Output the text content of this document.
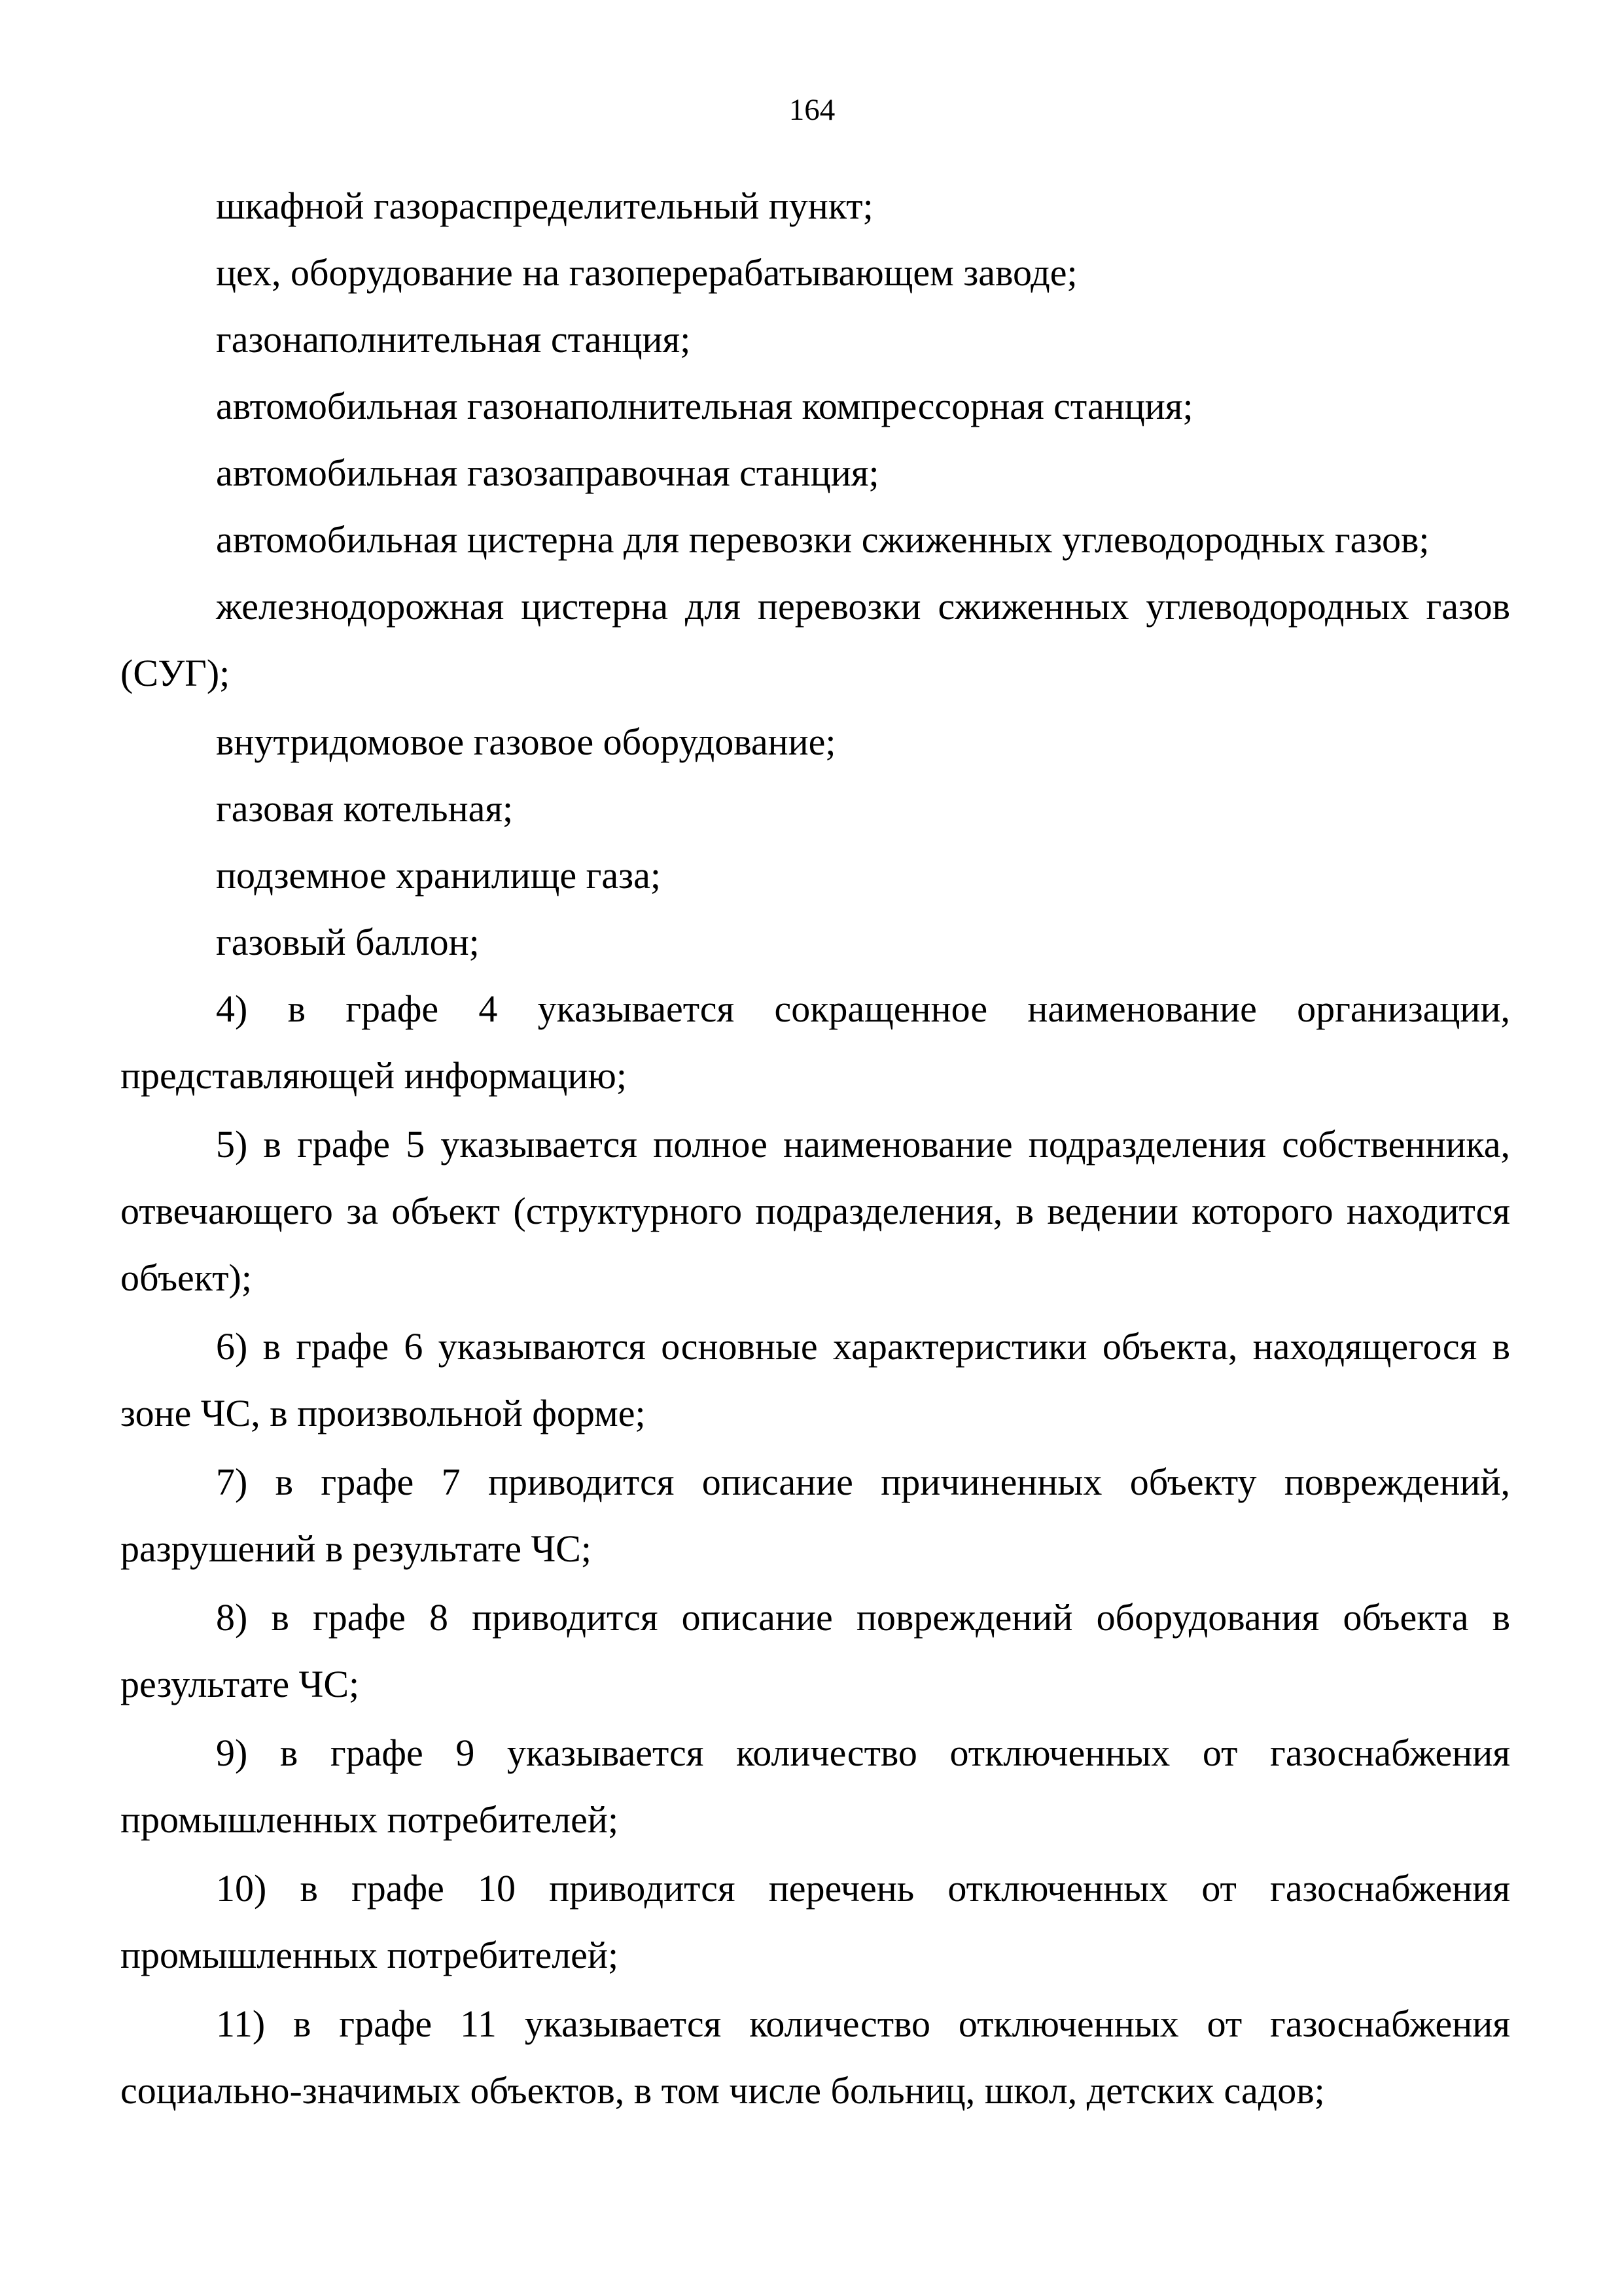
164
шкафной газораспределительный пункт;
цех, оборудование на газоперерабатывающем заводе;
газонаполнительная станция;
автомобильная газонаполнительная компрессорная станция;
автомобильная газозаправочная станция;
автомобильная цистерна для перевозки сжиженных углеводородных газов;

железнодорожная цистерна для перевозки сжиженных углеводородных газов (СУГ);

внутридомовое газовое оборудование;
газовая котельная;
подземное хранилище газа;
газовый баллон;

4) в графе 4 указывается сокращенное наименование организации, представляющей информацию;

5) в графе 5 указывается полное наименование подразделения собственника, отвечающего за объект (структурного подразделения, в ведении которого находится объект);

6) в графе 6 указываются основные характеристики объекта, находящегося в зоне ЧС, в произвольной форме;

7) в графе 7 приводится описание причиненных объекту повреждений, разрушений в результате ЧС;

8) в графе 8 приводится описание повреждений оборудования объекта в результате ЧС;

9) в графе 9 указывается количество отключенных от газоснабжения промышленных потребителей;

10) в графе 10 приводится перечень отключенных от газоснабжения промышленных потребителей;

11) в графе 11 указывается количество отключенных от газоснабжения социально-значимых объектов, в том числе больниц, школ, детских садов;
